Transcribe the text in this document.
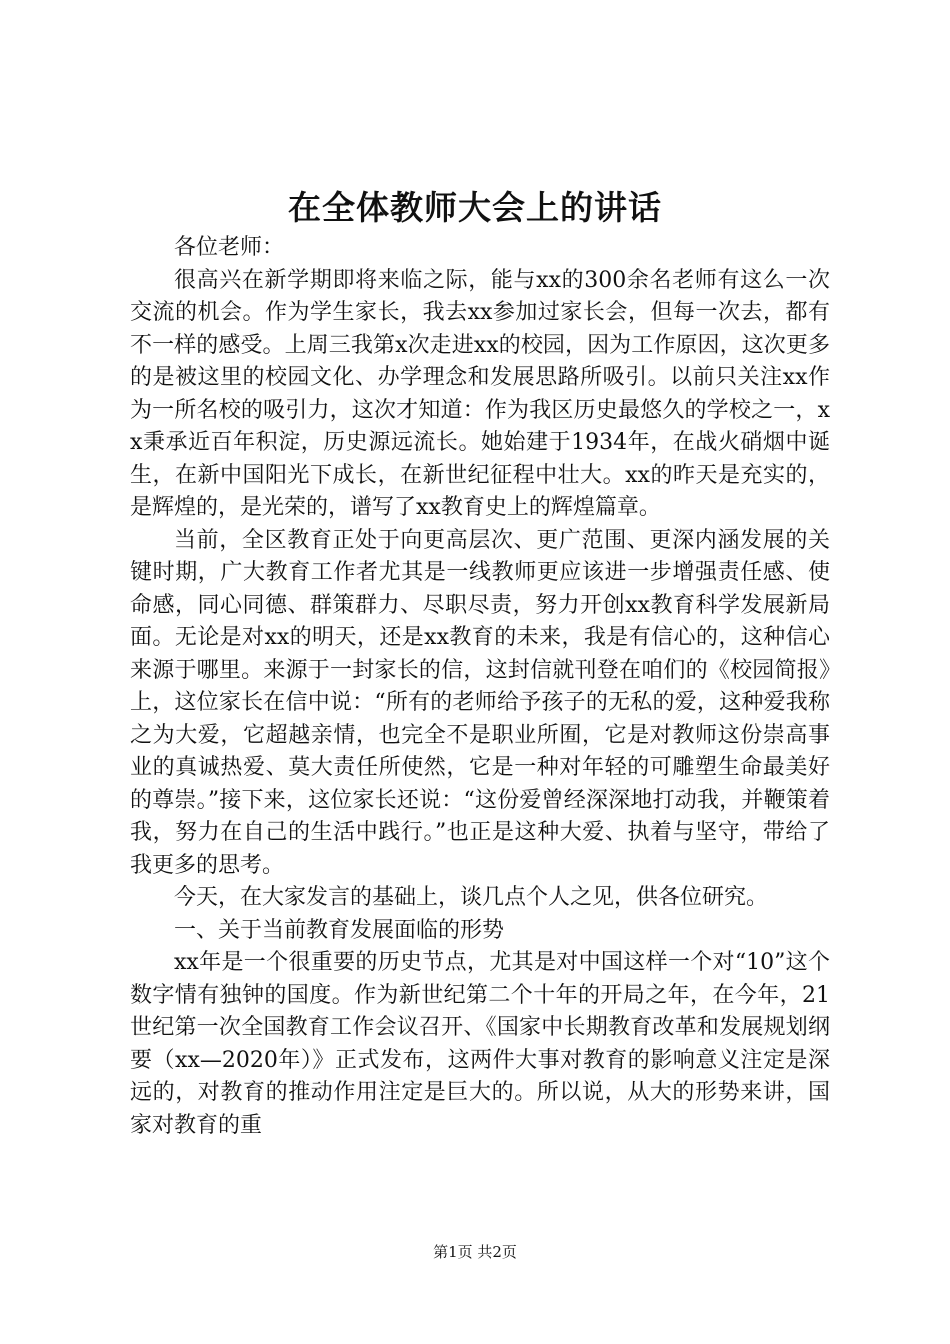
在全体教师大会上的讲话

各位老师：

很高兴在新学期即将来临之际，能与xx的300余名老师有这么一次交流的机会。作为学生家长，我去xx参加过家长会，但每一次去，都有不一样的感受。上周三我第x次走进xx的校园，因为工作原因，这次更多的是被这里的校园文化、办学理念和发展思路所吸引。以前只关注xx作为一所名校的吸引力，这次才知道：作为我区历史最悠久的学校之一，xx秉承近百年积淀，历史源远流长。她始建于1934年，在战火硝烟中诞生，在新中国阳光下成长，在新世纪征程中壮大。xx的昨天是充实的，是辉煌的，是光荣的，谱写了xx教育史上的辉煌篇章。

当前，全区教育正处于向更高层次、更广范围、更深内涵发展的关键时期，广大教育工作者尤其是一线教师更应该进一步增强责任感、使命感，同心同德、群策群力、尽职尽责，努力开创xx教育科学发展新局面。无论是对xx的明天，还是xx教育的未来，我是有信心的，这种信心来源于哪里。来源于一封家长的信，这封信就刊登在咱们的《校园简报》上，这位家长在信中说：“所有的老师给予孩子的无私的爱，这种爱我称之为大爱，它超越亲情，也完全不是职业所囿，它是对教师这份崇高事业的真诚热爱、莫大责任所使然，它是一种对年轻的可雕塑生命最美好的尊崇。”接下来，这位家长还说：“这份爱曾经深深地打动我，并鞭策着我，努力在自己的生活中践行。”也正是这种大爱、执着与坚守，带给了我更多的思考。

今天，在大家发言的基础上，谈几点个人之见，供各位研究。

一、关于当前教育发展面临的形势

xx年是一个很重要的历史节点，尤其是对中国这样一个对“10”这个数字情有独钟的国度。作为新世纪第二个十年的开局之年，在今年，21世纪第一次全国教育工作会议召开、《国家中长期教育改革和发展规划纲要（xx—2020年）》正式发布，这两件大事对教育的影响意义注定是深远的，对教育的推动作用注定是巨大的。所以说，从大的形势来讲，国家对教育的重

第1页 共2页
